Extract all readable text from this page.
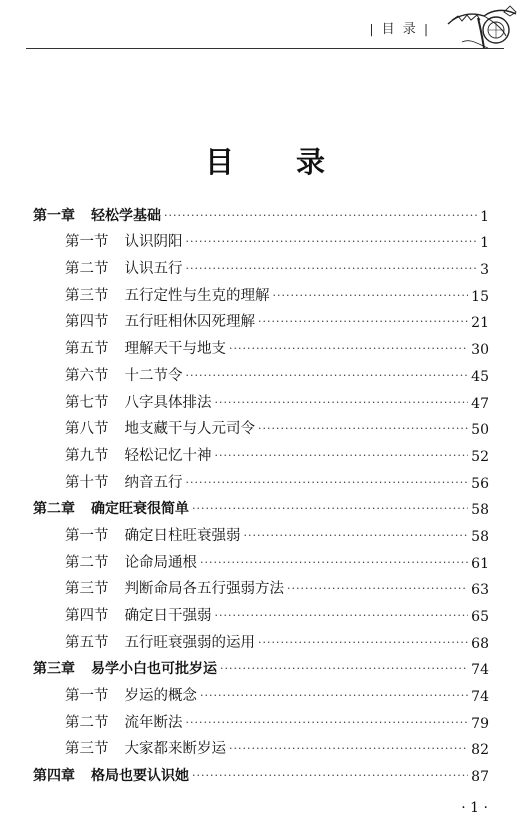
| 目 录 |
目 录
第一章 轻松学基础 ·····	1
第一节 认识阴阳 ·····	1
第二节 认识五行 ·····	3
第三节 五行定性与生克的理解 ·····	15
第四节 五行旺相休囚死理解 ·····	21
第五节 理解天干与地支 ·····	30
第六节 十二节令 ·····	45
第七节 八字具体排法 ·····	47
第八节 地支藏干与人元司令 ·····	50
第九节 轻松记忆十神 ·····	52
第十节 纳音五行 ·····	56
第二章 确定旺衰很简单 ·····	58
第一节 确定日柱旺衰强弱 ·····	58
第二节 论命局通根 ·····	61
第三节 判断命局各五行强弱方法 ·····	63
第四节 确定日干强弱 ·····	65
第五节 五行旺衰强弱的运用 ·····	68
第三章 易学小白也可批岁运 ·····	74
第一节 岁运的概念 ·····	74
第二节 流年断法 ·····	79
第三节 大家都来断岁运 ·····	82
第四章 格局也要认识她 ·····	87
· 1 ·
